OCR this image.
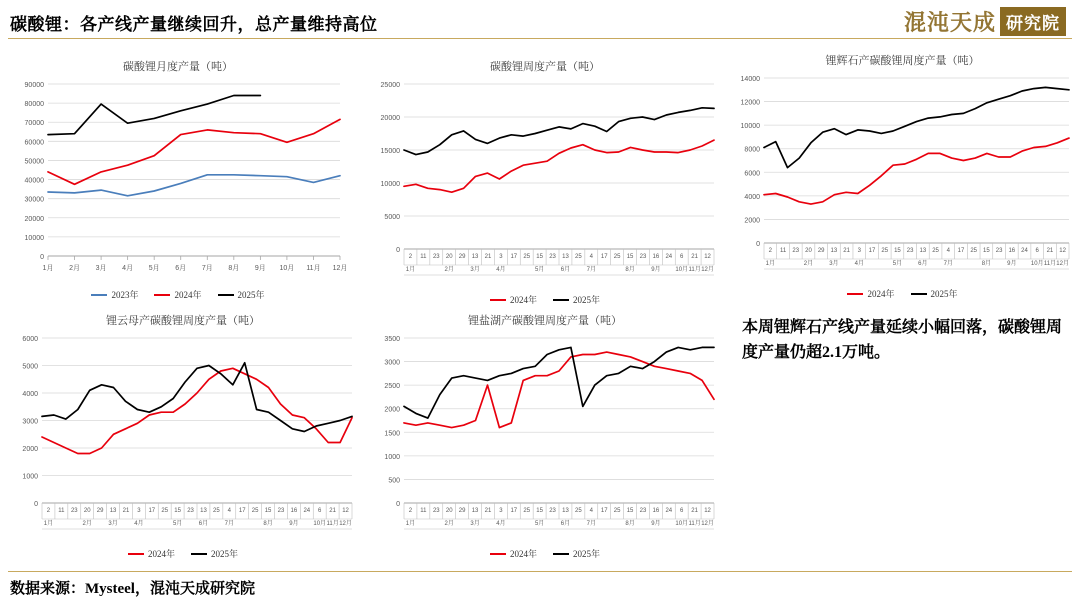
碳酸锂：各产线产量继续回升，总产量维持高位	混沌天成 研究院
碳酸锂月度产量（吨）
0
10000
20000
30000
40000
50000
60000
70000
80000
90000
1月 2月 3月 4月 5月 6月 7月 8月 9月 10月 11月 12月
2023年	2024年	2025年
碳酸锂周度产量（吨）
0
5000
10000
15000
20000
25000
2
1月
11 23 20
2月
29 13
3月
21 3
4月
17 25 15
5月
23 13
6月
25 4
7月
17 25 15
8月
23 16
9月
24 6
10月
21
11月
12
12月
2024年	2025年
锂辉石产碳酸锂周度产量（吨）
0
2000
4000
6000
8000
10000
12000
14000
2
1月
11 23 20
2月
29 13
3月
21 3
4月
17 25 15
5月
23 13
6月
25 4
7月
17 25 15
8月
23 16
9月
24 6
10月
21
11月
12
12月
2024年	2025年
锂云母产碳酸锂周度产量（吨）
0
1000
2000
3000
4000
5000
6000
2
1月
11 23 20
2月
29 13
3月
21 3
4月
17 25 15
5月
23 13
6月
25 4
7月
17 25 15
8月
23 16
9月
24 6
10月
21
11月
12
12月
2024年	2025年
锂盐湖产碳酸锂周度产量（吨）
0
500
1000
1500
2000
2500
3000
3500
2
1月
11 23 20
2月
29 13
3月
21 3
4月
17 25 15
5月
23 13
6月
25 4
7月
17 25 15
8月
23 16
9月
24 6
10月
21
11月
12
12月
2024年	2025年
本周锂辉石产线产量延续小幅回落，碳酸锂周度产量仍超2.1万吨。
数据来源：Mysteel，混沌天成研究院
